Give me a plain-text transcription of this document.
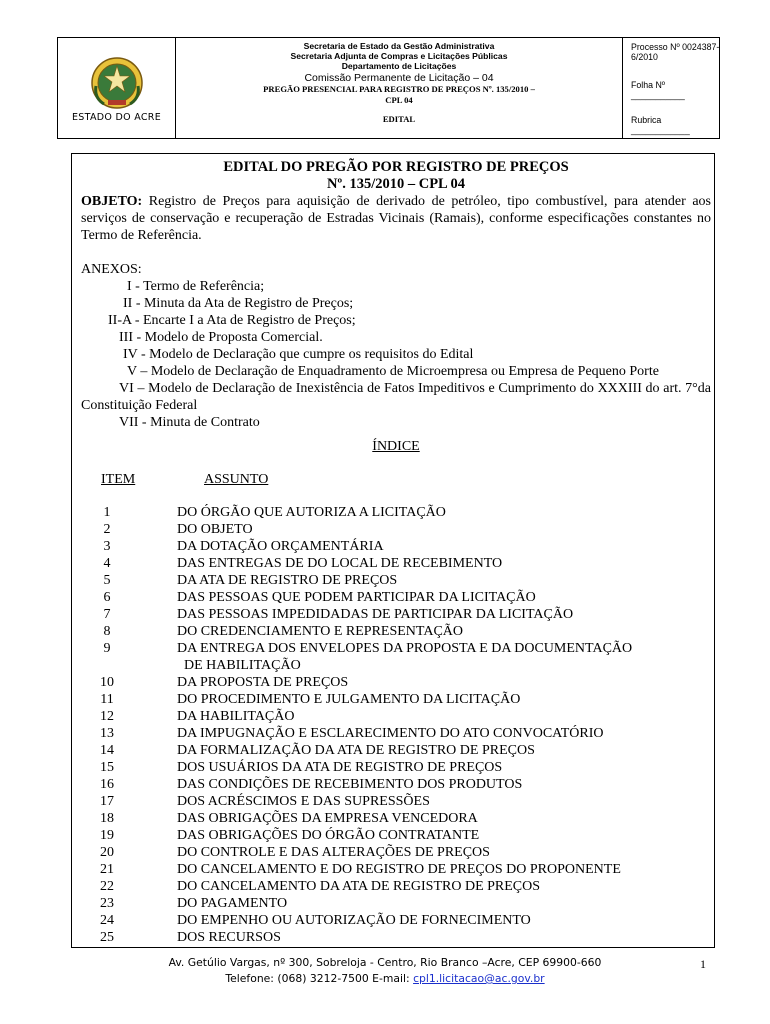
ESTADO DO ACRE
Secretaria de Estado da Gestão Administrativa
Secretaria Adjunta de Compras e Licitações Públicas
Departamento de Licitações
Comissão Permanente de Licitação – 04
PREGÃO PRESENCIAL PARA REGISTRO DE PREÇOS Nº. 135/2010 –
CPL 04
EDITAL
Processo Nº 0024387-6/2010
Folha Nº ___________
Rubrica ____________
EDITAL DO PREGÃO POR REGISTRO DE PREÇOS
Nº. 135/2010 – CPL 04
OBJETO: Registro de Preços para aquisição de derivado de petróleo, tipo combustível, para atender aos serviços de conservação e recuperação de Estradas Vicinais (Ramais), conforme especificações constantes no Termo de Referência.
ANEXOS:
I - Termo de Referência;
II - Minuta da Ata de Registro de Preços;
II-A - Encarte I a Ata de Registro de Preços;
III - Modelo de Proposta Comercial.
IV - Modelo de Declaração que cumpre os requisitos do Edital
V – Modelo de Declaração de Enquadramento de Microempresa ou Empresa de Pequeno Porte
VI – Modelo de Declaração de Inexistência de Fatos Impeditivos e Cumprimento do XXXIII do art. 7°da Constituição Federal
VII - Minuta de Contrato
ÍNDICE
ITEM	ASSUNTO
1	DO ÓRGÃO QUE AUTORIZA A LICITAÇÃO
2	DO OBJETO
3	DA DOTAÇÃO ORÇAMENTÁRIA
4	DAS ENTREGAS DE DO LOCAL DE RECEBIMENTO
5	DA ATA DE REGISTRO DE PREÇOS
6	DAS PESSOAS QUE PODEM PARTICIPAR DA LICITAÇÃO
7	DAS PESSOAS IMPEDIDADAS DE PARTICIPAR DA LICITAÇÃO
8	DO CREDENCIAMENTO E REPRESENTAÇÃO
9	DA ENTREGA DOS ENVELOPES DA PROPOSTA E DA DOCUMENTAÇÃO
DE HABILITAÇÃO
10	DA PROPOSTA DE PREÇOS
11	DO PROCEDIMENTO E JULGAMENTO DA LICITAÇÃO
12	DA HABILITAÇÃO
13	DA IMPUGNAÇÃO E ESCLARECIMENTO DO ATO CONVOCATÓRIO
14	DA FORMALIZAÇÃO DA ATA DE REGISTRO DE PREÇOS
15	DOS USUÁRIOS DA ATA DE REGISTRO DE PREÇOS
16	DAS CONDIÇÕES DE RECEBIMENTO DOS PRODUTOS
17	DOS ACRÉSCIMOS E DAS SUPRESSÕES
18	DAS OBRIGAÇÕES DA EMPRESA VENCEDORA
19	DAS OBRIGAÇÕES DO ÓRGÃO CONTRATANTE
20	DO CONTROLE E DAS ALTERAÇÕES DE PREÇOS
21	DO CANCELAMENTO E DO REGISTRO DE PREÇOS DO PROPONENTE
22	DO CANCELAMENTO DA ATA DE REGISTRO DE PREÇOS
23	DO PAGAMENTO
24	DO EMPENHO OU AUTORIZAÇÃO DE FORNECIMENTO
25	DOS RECURSOS
Av. Getúlio Vargas, nº 300, Sobreloja - Centro, Rio Branco –Acre, CEP 69900-660
Telefone: (068) 3212-7500 E-mail: cpl1.licitacao@ac.gov.br
1
